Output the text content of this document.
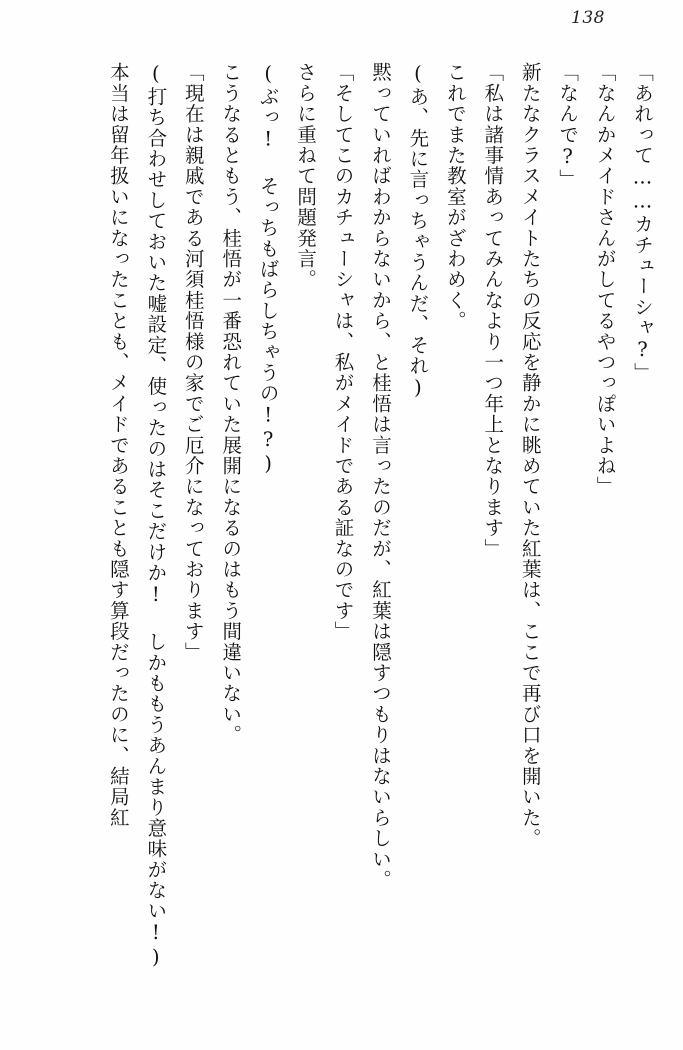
138

「あれって……カチューシャ?」

「なんかメイドさんがしてるやつっぽいよね」

「なんで?」

新たなクラスメイトたちの反応を静かに眺めていた紅葉は、ここで再び口を開いた。

「私は諸事情あってみんなより一つ年上となります」

これでまた教室がざわめく。

(あ、先に言っちゃうんだ、それ)

黙っていればわからないから、と桂悟は言ったのだが、紅葉は隠すつもりはないらしい。

「そしてこのカチューシャは、私がメイドである証なのです」

さらに重ねて問題発言。

(ぶっ! そっちもばらしちゃうの!?)

こうなるともう、桂悟が一番恐れていた展開になるのはもう間違いない。

「現在は親戚である河須桂悟様の家でご厄介になっております」

(打ち合わせしておいた嘘設定、使ったのはそこだけか! しかももうあんまり意味がない!)

本当は留年扱いになったことも、メイドであることも隠す算段だったのに、結局紅
